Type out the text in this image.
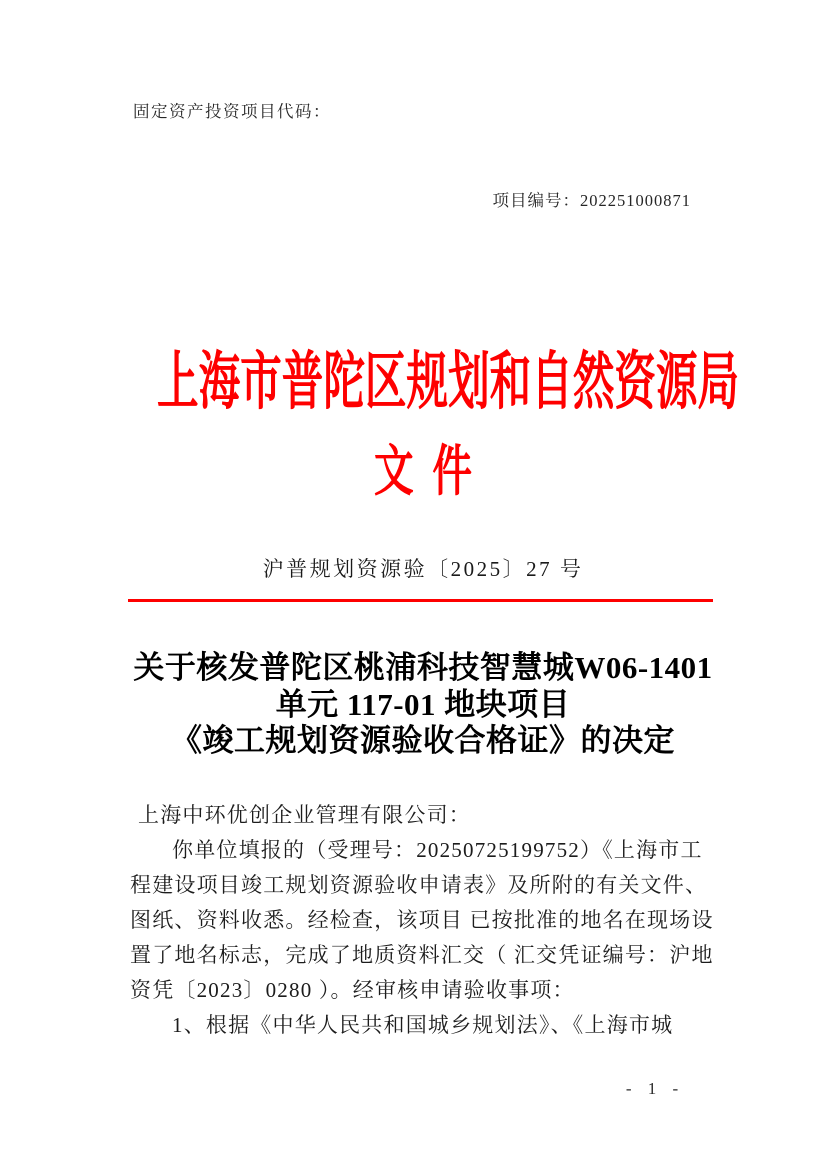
固定资产投资项目代码：
项目编号：202251000871
上海市普陀区规划和自然资源局
文件
沪普规划资源验〔2025〕27 号
关于核发普陀区桃浦科技智慧城W06-1401
单元 117-01 地块项目
《竣工规划资源验收合格证》的决定
上海中环优创企业管理有限公司：
你单位填报的（受理号：20250725199752）《上海市工
程建设项目竣工规划资源验收申请表》及所附的有关文件、
图纸、资料收悉。经检查，该项目 已按批准的地名在现场设
置了地名标志，完成了地质资料汇交（ 汇交凭证编号：沪地
资凭〔2023〕0280 ）。经审核申请验收事项：
1、根据《中华人民共和国城乡规划法》、《上海市城
- 1 -
